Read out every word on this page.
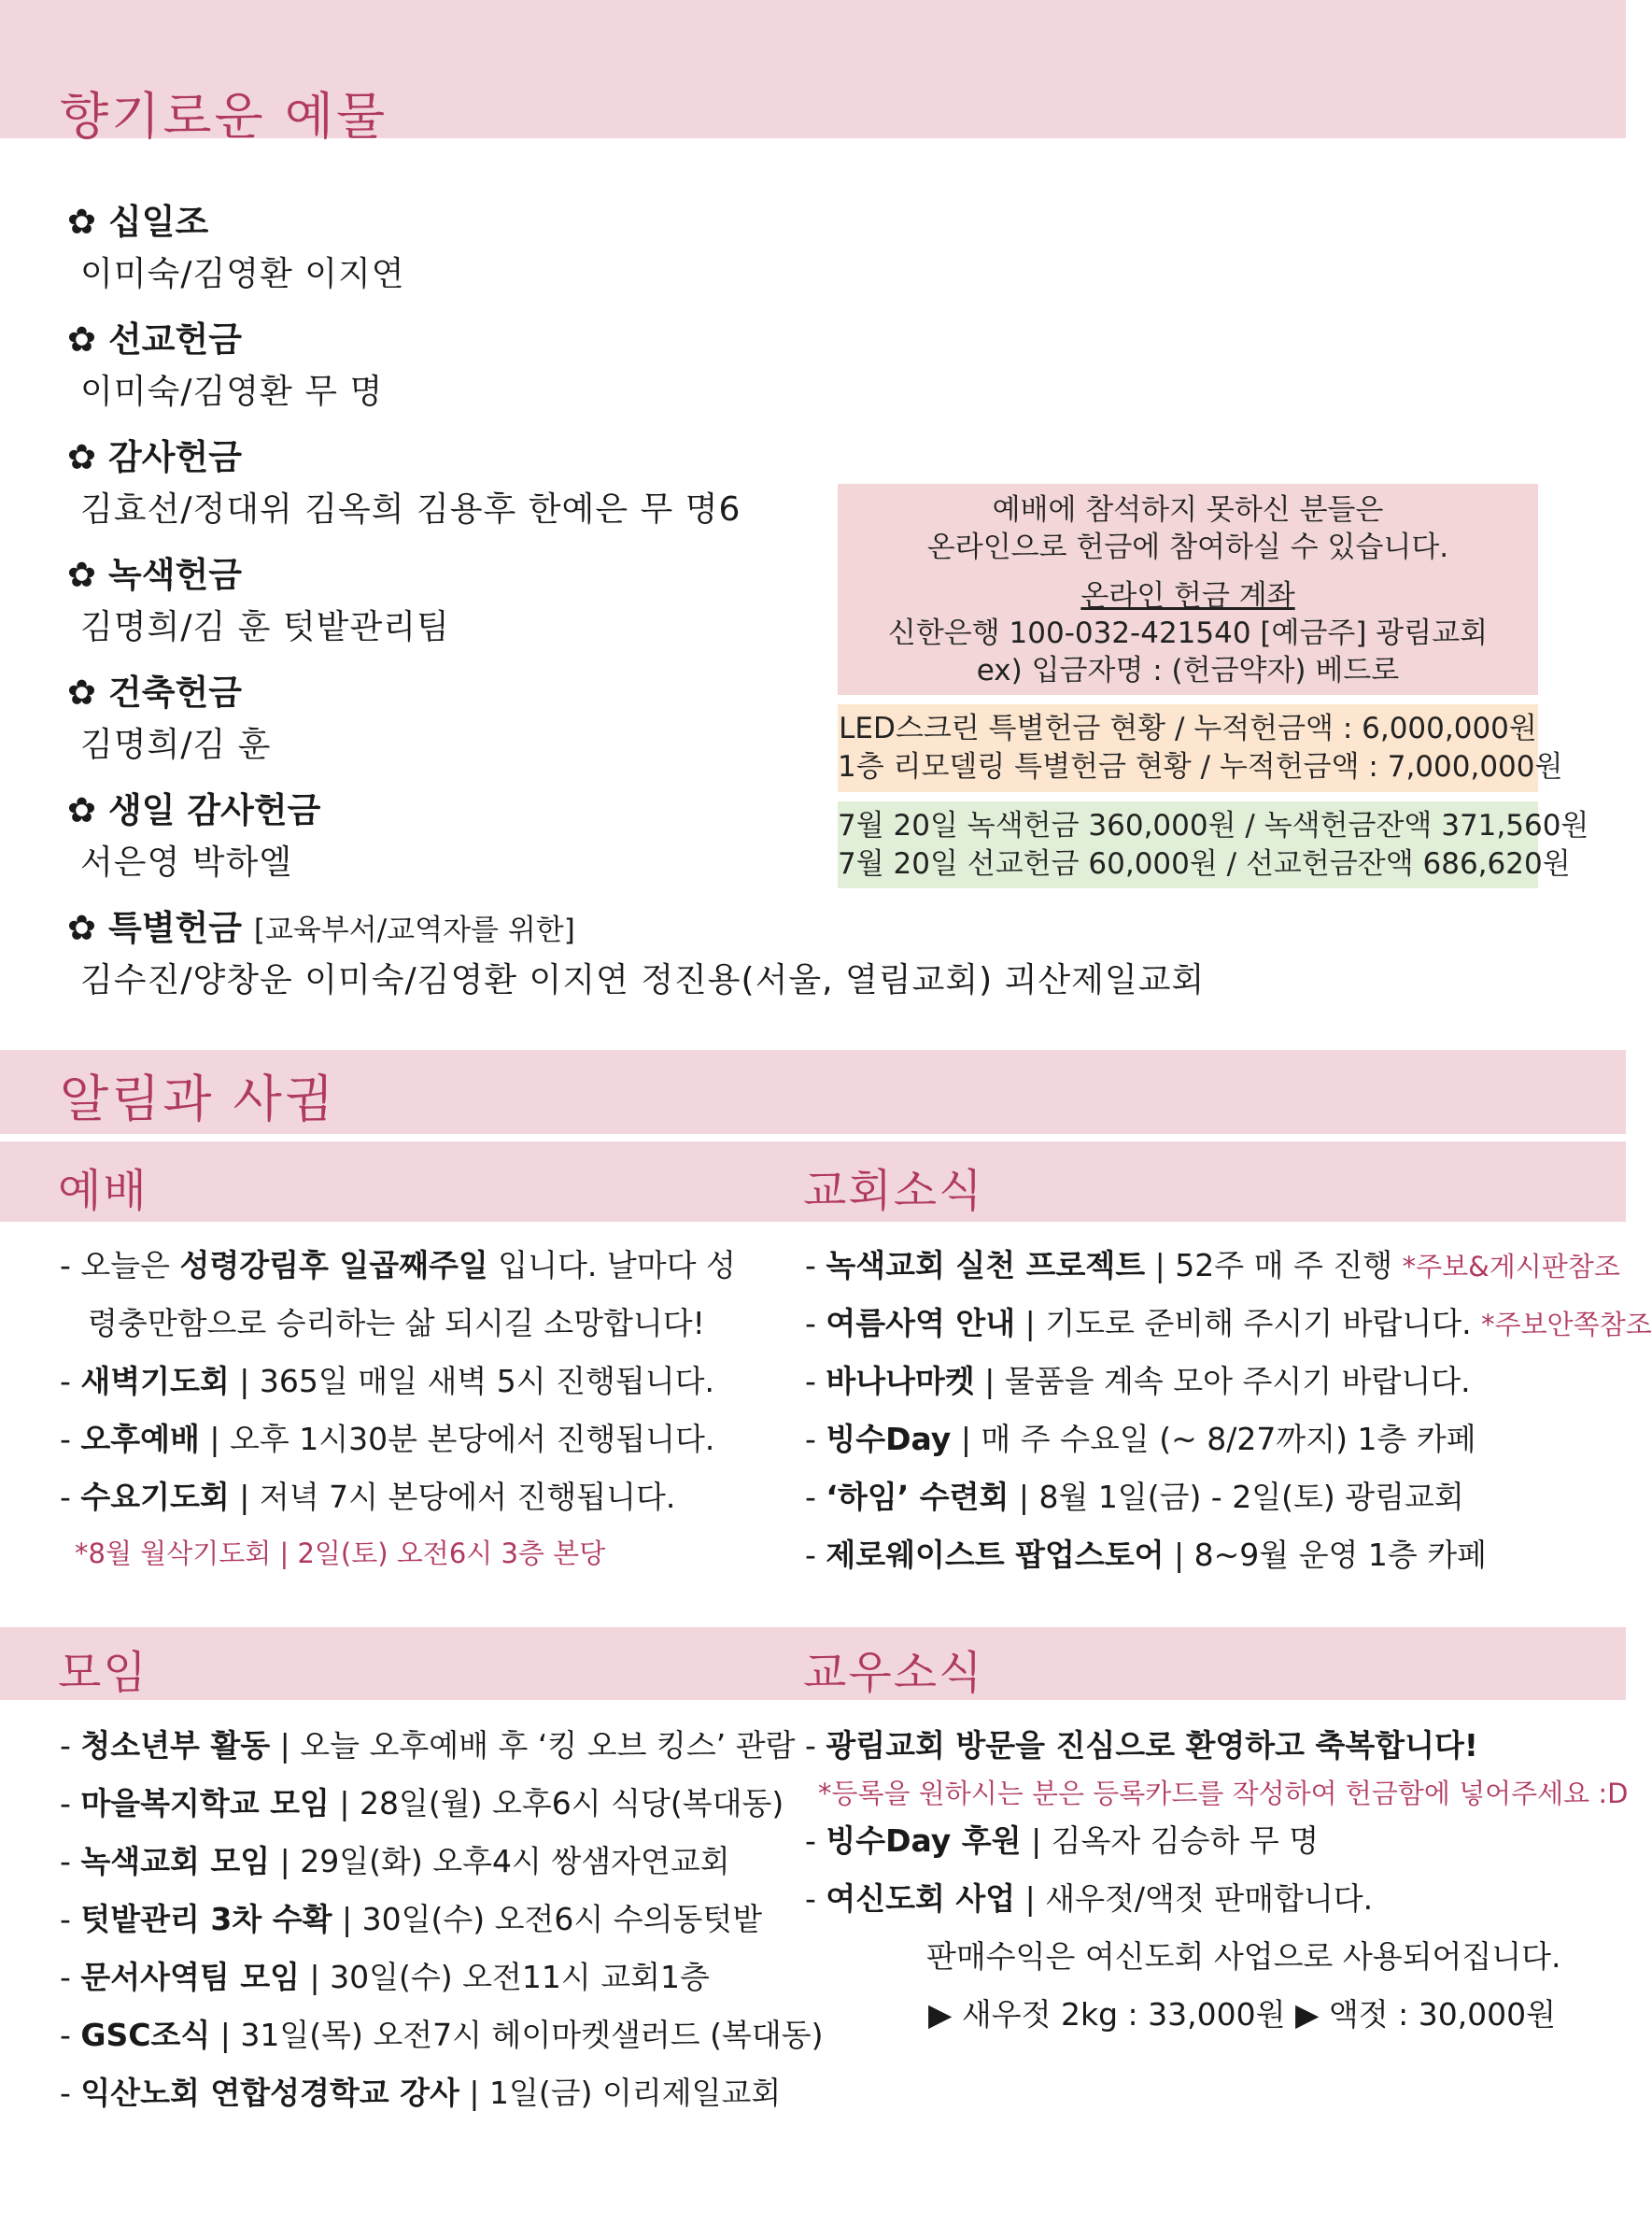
향기로운 예물
✿ 십일조
이미숙/김영환 이지연
✿ 선교헌금
이미숙/김영환 무 명
✿ 감사헌금
김효선/정대위 김옥희 김용후 한예은 무 명6
✿ 녹색헌금
김명희/김 훈 텃밭관리팀
✿ 건축헌금
김명희/김 훈
✿ 생일 감사헌금
서은영 박하엘
✿ 특별헌금 [교육부서/교역자를 위한]
김수진/양창운 이미숙/김영환 이지연 정진용(서울, 열림교회) 괴산제일교회
예배에 참석하지 못하신 분들은
온라인으로 헌금에 참여하실 수 있습니다.
온라인 헌금 계좌
신한은행 100-032-421540 [예금주] 광림교회
ex) 입금자명 : (헌금약자) 베드로
LED스크린 특별헌금 현황 / 누적헌금액 : 6,000,000원
1층 리모델링 특별헌금 현황 / 누적헌금액 : 7,000,000원
7월 20일 녹색헌금 360,000원 / 녹색헌금잔액 371,560원
7월 20일 선교헌금 60,000원 / 선교헌금잔액 686,620원
알림과 사귐
예배	교회소식
- 오늘은 성령강림후 일곱째주일 입니다. 날마다 성
령충만함으로 승리하는 삶 되시길 소망합니다!
- 새벽기도회 | 365일 매일 새벽 5시 진행됩니다.
- 오후예배 | 오후 1시30분 본당에서 진행됩니다.
- 수요기도회 | 저녁 7시 본당에서 진행됩니다.
*8월 월삭기도회 | 2일(토) 오전6시 3층 본당
- 녹색교회 실천 프로젝트 | 52주 매 주 진행 *주보&게시판참조
- 여름사역 안내 | 기도로 준비해 주시기 바랍니다. *주보안쪽참조
- 바나나마켓 | 물품을 계속 모아 주시기 바랍니다.
- 빙수Day | 매 주 수요일 (~ 8/27까지) 1층 카페
- ‘하임’ 수련회 | 8월 1일(금) - 2일(토) 광림교회
- 제로웨이스트 팝업스토어 | 8~9월 운영 1층 카페
모임	교우소식
- 청소년부 활동 | 오늘 오후예배 후 ‘킹 오브 킹스’ 관람
- 마을복지학교 모임 | 28일(월) 오후6시 식당(복대동)
- 녹색교회 모임 | 29일(화) 오후4시 쌍샘자연교회
- 텃밭관리 3차 수확 | 30일(수) 오전6시 수의동텃밭
- 문서사역팀 모임 | 30일(수) 오전11시 교회1층
- GSC조식 | 31일(목) 오전7시 헤이마켓샐러드 (복대동)
- 익산노회 연합성경학교 강사 | 1일(금) 이리제일교회
- 광림교회 방문을 진심으로 환영하고 축복합니다!
*등록을 원하시는 분은 등록카드를 작성하여 헌금함에 넣어주세요 :D
- 빙수Day 후원 | 김옥자 김승하 무 명
- 여신도회 사업 | 새우젓/액젓 판매합니다.
판매수익은 여신도회 사업으로 사용되어집니다.
▶ 새우젓 2kg : 33,000원 ▶ 액젓 : 30,000원
